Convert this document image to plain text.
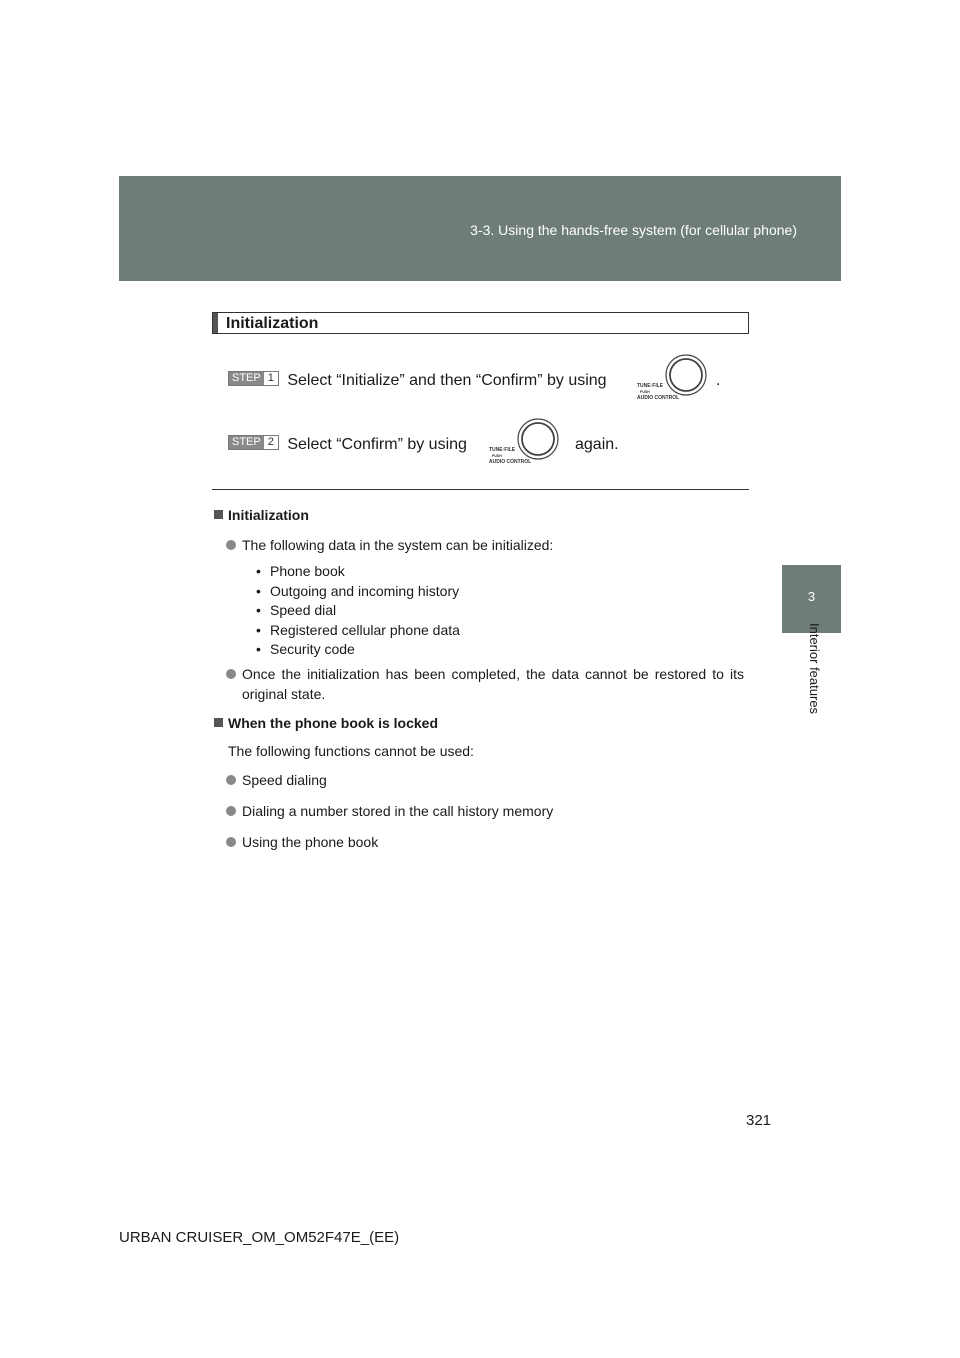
3-3. Using the hands-free system (for cellular phone)
3
Interior features
Initialization
STEP 1 Select “Initialize” and then “Confirm” by using	TUNE·FILE
PUSH
AUDIO CONTROL
.
STEP 2 Select “Confirm” by using	TUNE·FILE
PUSH
AUDIO CONTROL
again.
Initialization
The following data in the system can be initialized:
• Phone book
• Outgoing and incoming history
• Speed dial
• Registered cellular phone data
• Security code
Once the initialization has been completed, the data cannot be restored to its original state.
When the phone book is locked
The following functions cannot be used:
Speed dialing
Dialing a number stored in the call history memory
Using the phone book
321
URBAN CRUISER_OM_OM52F47E_(EE)
